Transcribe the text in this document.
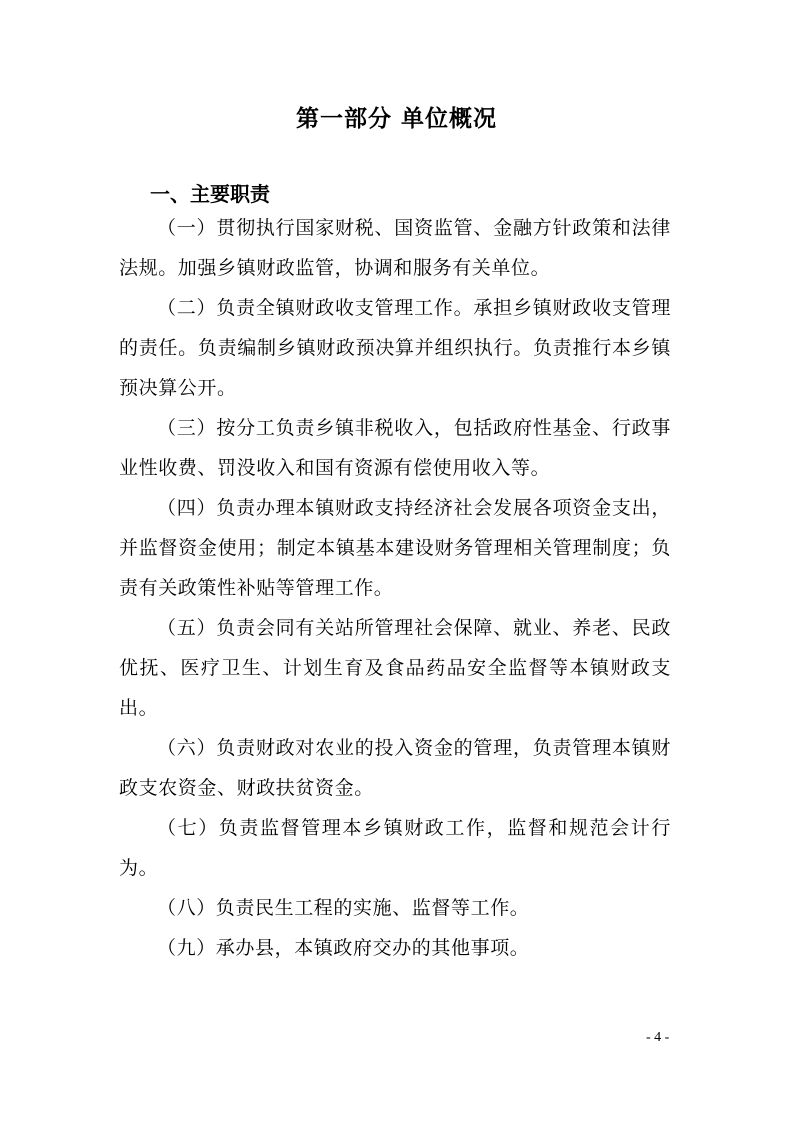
第一部分 单位概况
一、主要职责

（一）贯彻执行国家财税、国资监管、金融方针政策和法律法规。加强乡镇财政监管，协调和服务有关单位。

（二）负责全镇财政收支管理工作。承担乡镇财政收支管理的责任。负责编制乡镇财政预决算并组织执行。负责推行本乡镇预决算公开。

（三）按分工负责乡镇非税收入，包括政府性基金、行政事业性收费、罚没收入和国有资源有偿使用收入等。

（四）负责办理本镇财政支持经济社会发展各项资金支出，并监督资金使用；制定本镇基本建设财务管理相关管理制度；负责有关政策性补贴等管理工作。

（五）负责会同有关站所管理社会保障、就业、养老、民政优抚、医疗卫生、计划生育及食品药品安全监督等本镇财政支出。

（六）负责财政对农业的投入资金的管理，负责管理本镇财政支农资金、财政扶贫资金。

（七）负责监督管理本乡镇财政工作，监督和规范会计行为。

（八）负责民生工程的实施、监督等工作。

（九）承办县，本镇政府交办的其他事项。

- 4 -
